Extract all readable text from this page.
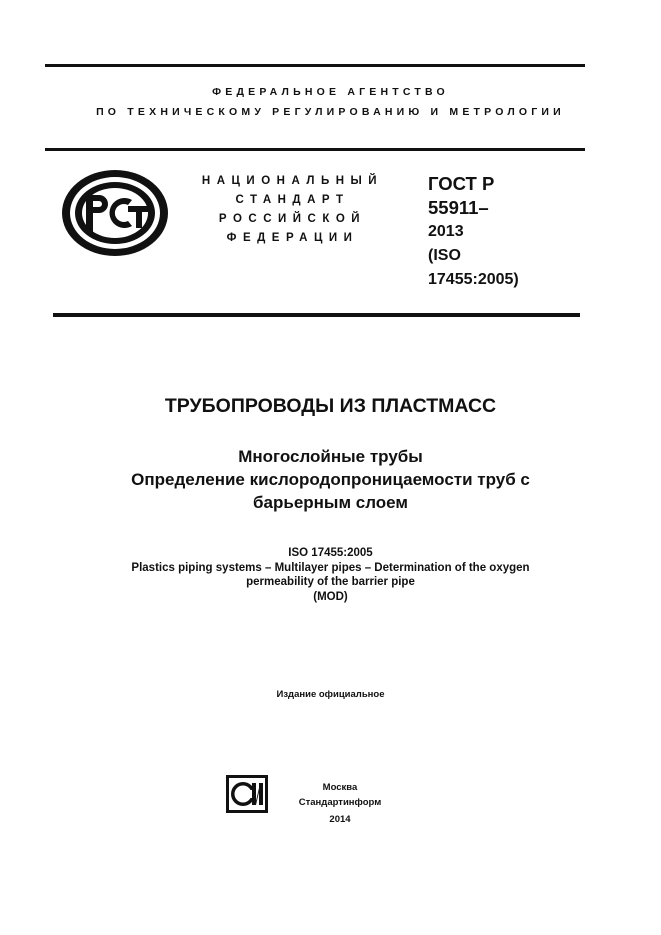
ФЕДЕРАЛЬНОЕ АГЕНТСТВО
ПО ТЕХНИЧЕСКОМУ РЕГУЛИРОВАНИЮ И МЕТРОЛОГИИ
НАЦИОНАЛЬНЫЙ
СТАНДАРТ
РОССИЙСКОЙ
ФЕДЕРАЦИИ
ГОСТ Р
55911–
2013
(ISO
17455:2005)
ТРУБОПРОВОДЫ ИЗ ПЛАСТМАСС
Многослойные трубы
Определение кислородопроницаемости труб с
барьерным слоем
ISO 17455:2005
Plastics piping systems – Multilayer pipes – Determination of the oxygen
permeability of the barrier pipe
(MOD)
Издание официальное
Москва
Стандартинформ
2014
